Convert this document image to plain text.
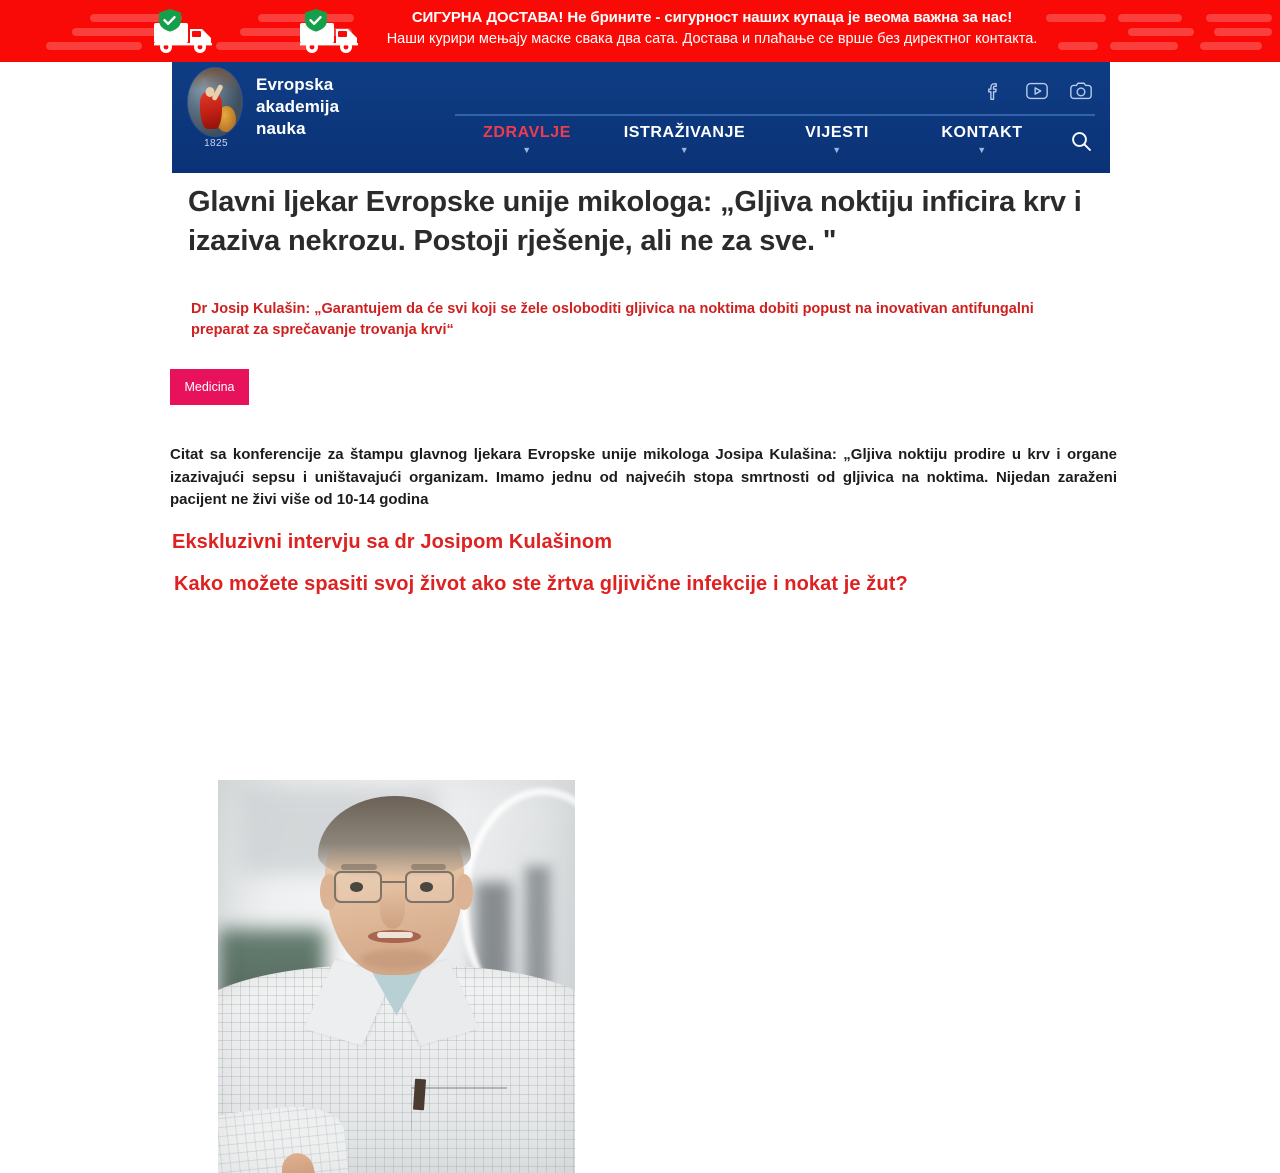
СИГУРНА ДОСТАВА! Не брините - сигурност наших купаца је веома важна за нас!
Наши курири мењају маске свака два сата. Достава и плаћање се врше без директног контакта.
1825
Evropska
akademija
nauka	ZDRAVLJE
▼
ISTRAŽIVANJE
▼
VIJESTI
▼
KONTAKT
▼
Glavni ljekar Evropske unije mikologa: „Gljiva noktiju inficira krv i izaziva nekrozu. Postoji rješenje, ali ne za sve. "

Dr Josip Kulašin: „Garantujem da će svi koji se žele osloboditi gljivica na noktima dobiti popust na inovativan antifungalni preparat za sprečavanje trovanja krvi“

Medicina

Citat sa konferencije za štampu glavnog ljekara Evropske unije mikologa Josipa Kulašina: „Gljiva noktiju prodire u krv i organe izazivajući sepsu i uništavajući organizam. Imamo jednu od najvećih stopa smrtnosti od gljivica na noktima. Nijedan zaraženi pacijent ne živi više od 10-14 godina

Ekskluzivni intervju sa dr Josipom Kulašinom
Kako možete spasiti svoj život ako ste žrtva gljivične infekcije i nokat je žut?
